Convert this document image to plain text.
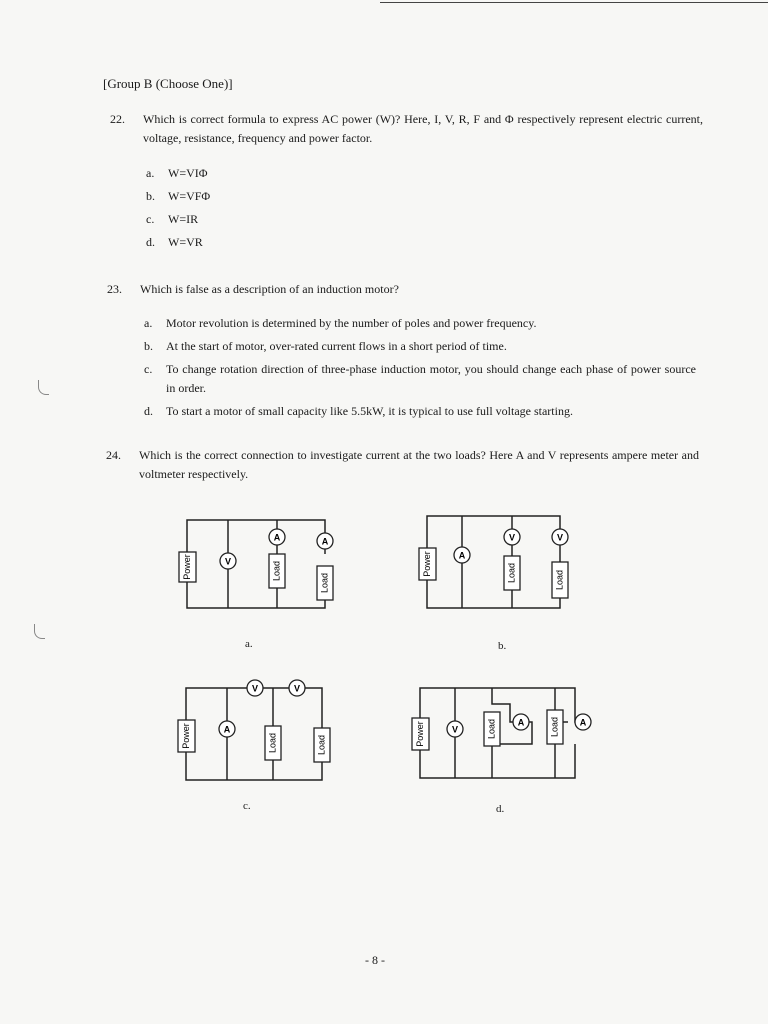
[Group B (Choose One)]
22. Which is correct formula to express AC power (W)? Here, I, V, R, F and Φ respectively represent electric current, voltage, resistance, frequency and power factor.
a. W=VIΦ
b. W=VFΦ
c. W=IR
d. W=VR
23. Which is false as a description of an induction motor?
a. Motor revolution is determined by the number of poles and power frequency.
b. At the start of motor, over-rated current flows in a short period of time.
c. To change rotation direction of three-phase induction motor, you should change each phase of power source in order.
d. To start a motor of small capacity like 5.5kW, it is typical to use full voltage starting.
24. Which is the correct connection to investigate current at the two loads? Here A and V represents ampere meter and voltmeter respectively.
Power	V
A
Load
A
Load
a.
Power	A
V
Load
V
Load
b.
Power
V	V
A
Load	Load
c.
Power	V	Load A	Load A
d.
- 8 -
